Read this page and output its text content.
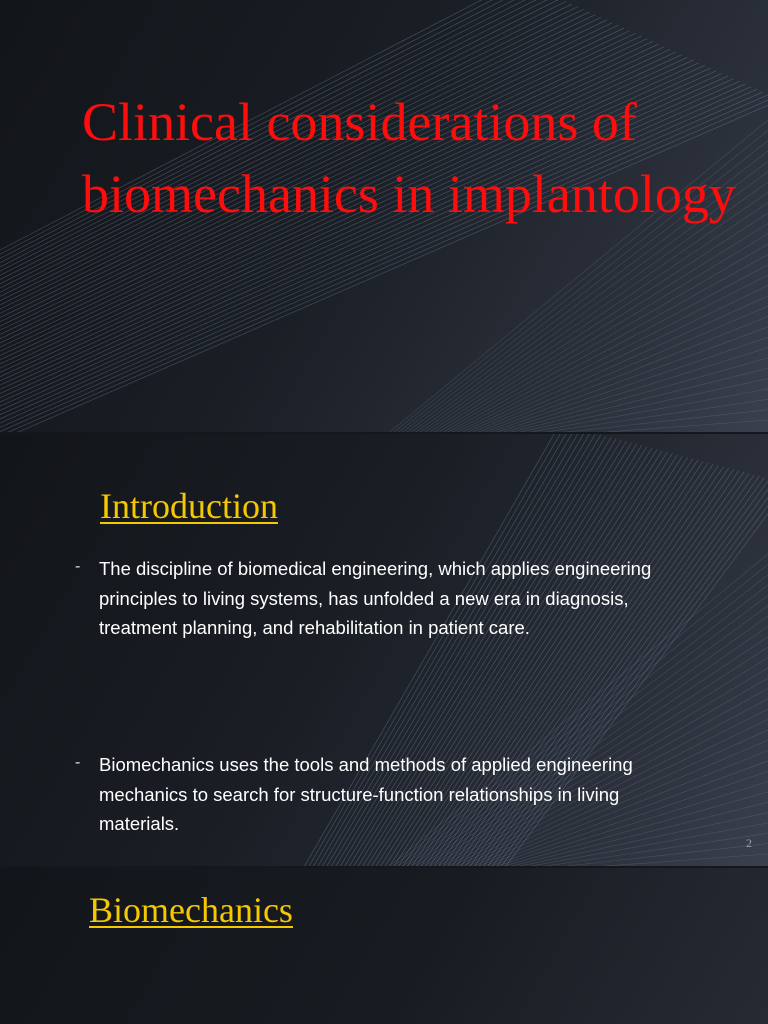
Clinical considerations of biomechanics in implantology
Introduction
- The discipline of biomedical engineering, which applies engineering principles to living systems, has unfolded a new era in diagnosis, treatment planning, and rehabilitation in patient care.
- Biomechanics uses the tools and methods of applied engineering mechanics to search for structure-function relationships in living materials.
2
Biomechanics
